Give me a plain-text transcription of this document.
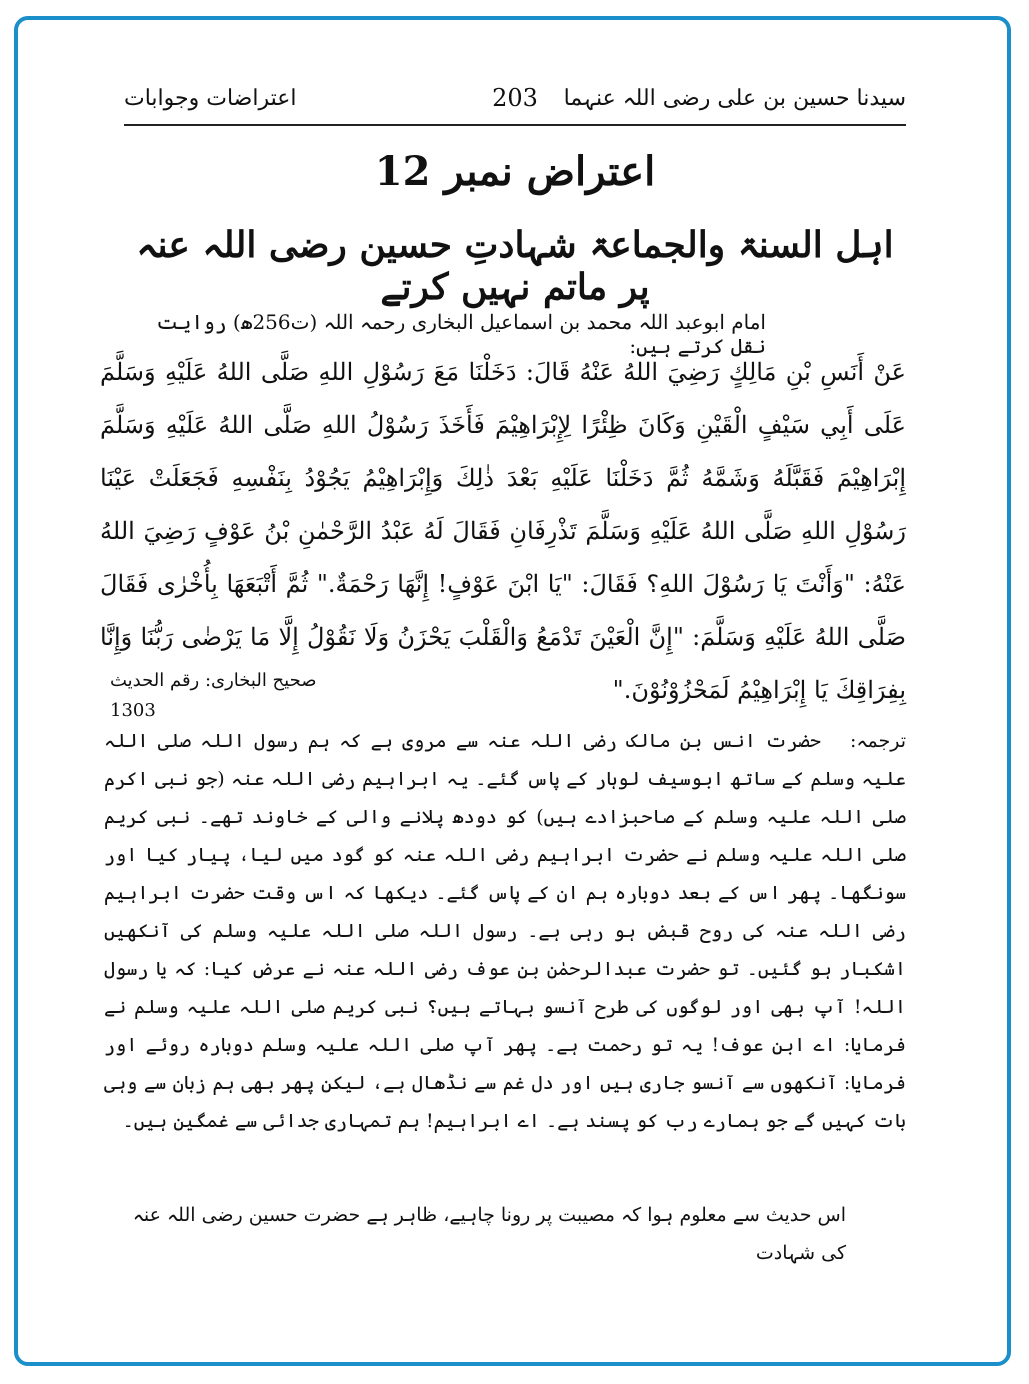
سیدنا حسین بن علی رضی اللہ عنہما
203
اعتراضات وجوابات
اعتراض نمبر 12
اہل السنۃ والجماعۃ شہادتِ حسین رضی اللہ عنہ پر ماتم نہیں کرتے
امام ابوعبد اللہ محمد بن اسماعیل البخاری رحمہ اللہ (ت256ھ) روایت نقل کرتے ہیں:
عَنْ أَنَسِ بْنِ مَالِكٍ رَضِيَ اللهُ عَنْهُ قَالَ: دَخَلْنَا مَعَ رَسُوْلِ اللهِ صَلَّى اللهُ عَلَيْهِ وَسَلَّمَ عَلَى أَبِي سَيْفٍ الْقَيْنِ وَكَانَ ظِئْرًا لِإِبْرَاهِيْمَ فَأَخَذَ رَسُوْلُ اللهِ صَلَّى اللهُ عَلَيْهِ وَسَلَّمَ إِبْرَاهِيْمَ فَقَبَّلَهُ وَشَمَّهُ ثُمَّ دَخَلْنَا عَلَيْهِ بَعْدَ ذٰلِكَ وَإِبْرَاهِيْمُ يَجُوْدُ بِنَفْسِهِ فَجَعَلَتْ عَيْنَا رَسُوْلِ اللهِ صَلَّى اللهُ عَلَيْهِ وَسَلَّمَ تَذْرِفَانِ فَقَالَ لَهُ عَبْدُ الرَّحْمٰنِ بْنُ عَوْفٍ رَضِيَ اللهُ عَنْهُ: "وَأَنْتَ يَا رَسُوْلَ اللهِ؟ فَقَالَ: "يَا ابْنَ عَوْفٍ! إِنَّهَا رَحْمَةٌ." ثُمَّ أَتْبَعَهَا بِأُخْرٰى فَقَالَ صَلَّى اللهُ عَلَيْهِ وَسَلَّمَ: "إِنَّ الْعَيْنَ تَدْمَعُ وَالْقَلْبَ يَحْزَنُ وَلَا نَقُوْلُ إِلَّا مَا يَرْضٰى رَبُّنَا وَإِنَّا بِفِرَاقِكَ يَا إِبْرَاهِيْمُ لَمَحْزُوْنُوْنَ."
صحیح البخاری: رقم الحدیث
1303
ترجمہ: حضرت انس بن مالک رضی اللہ عنہ سے مروی ہے کہ ہم رسول اللہ صلی اللہ علیہ وسلم کے ساتھ ابوسیف لوہار کے پاس گئے۔ یہ ابراہیم رضی اللہ عنہ (جو نبی اکرم صلی اللہ علیہ وسلم کے صاحبزادے ہیں) کو دودھ پلانے والی کے خاوند تھے۔ نبی کریم صلی اللہ علیہ وسلم نے حضرت ابراہیم رضی اللہ عنہ کو گود میں لیا، پیار کیا اور سونگھا۔ پھر اس کے بعد دوبارہ ہم ان کے پاس گئے۔ دیکھا کہ اس وقت حضرت ابراہیم رضی اللہ عنہ کی روح قبض ہو رہی ہے۔ رسول اللہ صلی اللہ علیہ وسلم کی آنکھیں اشکبار ہو گئیں۔ تو حضرت عبدالرحمٰن بن عوف رضی اللہ عنہ نے عرض کیا: کہ یا رسول اللہ! آپ بھی اور لوگوں کی طرح آنسو بہاتے ہیں؟ نبی کریم صلی اللہ علیہ وسلم نے فرمایا: اے ابن عوف! یہ تو رحمت ہے۔ پھر آپ صلی اللہ علیہ وسلم دوبارہ روئے اور فرمایا: آنکھوں سے آنسو جاری ہیں اور دل غم سے نڈھال ہے، لیکن پھر بھی ہم زبان سے وہی بات کہیں گے جو ہمارے رب کو پسند ہے۔ اے ابراہیم! ہم تمہاری جدائی سے غمگین ہیں۔
اس حدیث سے معلوم ہوا کہ مصیبت پر رونا چاہیے، ظاہر ہے حضرت حسین رضی اللہ عنہ کی شہادت
